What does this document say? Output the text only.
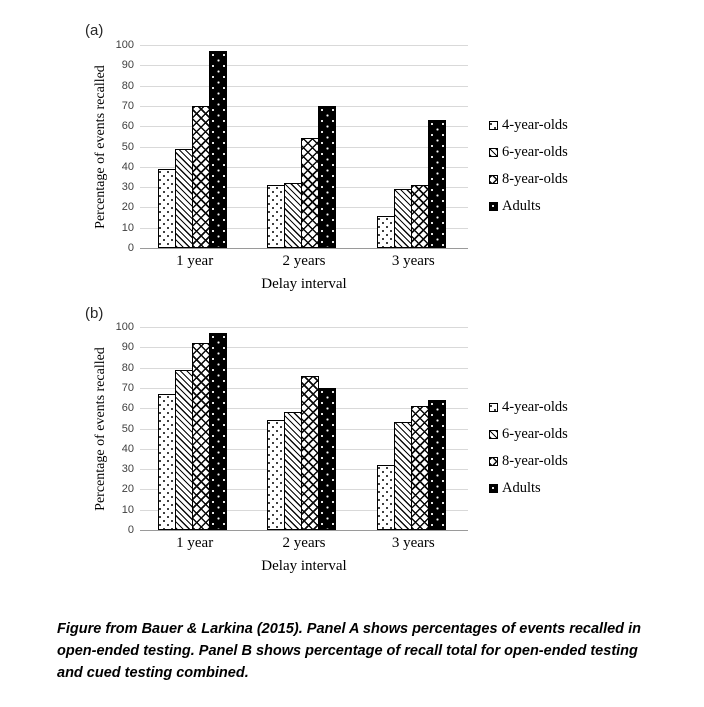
(a)
Percentage of events recalled
0
10
20
30
40
50
60
70
80
90
100
1 year	2 years	3 years
Delay interval
4-year-olds
6-year-olds
8-year-olds
Adults
(b)
Percentage of events recalled
0
10
20
30
40
50
60
70
80
90
100
1 year	2 years	3 years
Delay interval
4-year-olds
6-year-olds
8-year-olds
Adults
Figure from Bauer & Larkina (2015). Panel A shows percentages of events recalled in open-ended testing. Panel B shows percentage of recall total for open-ended testing and cued testing combined.
